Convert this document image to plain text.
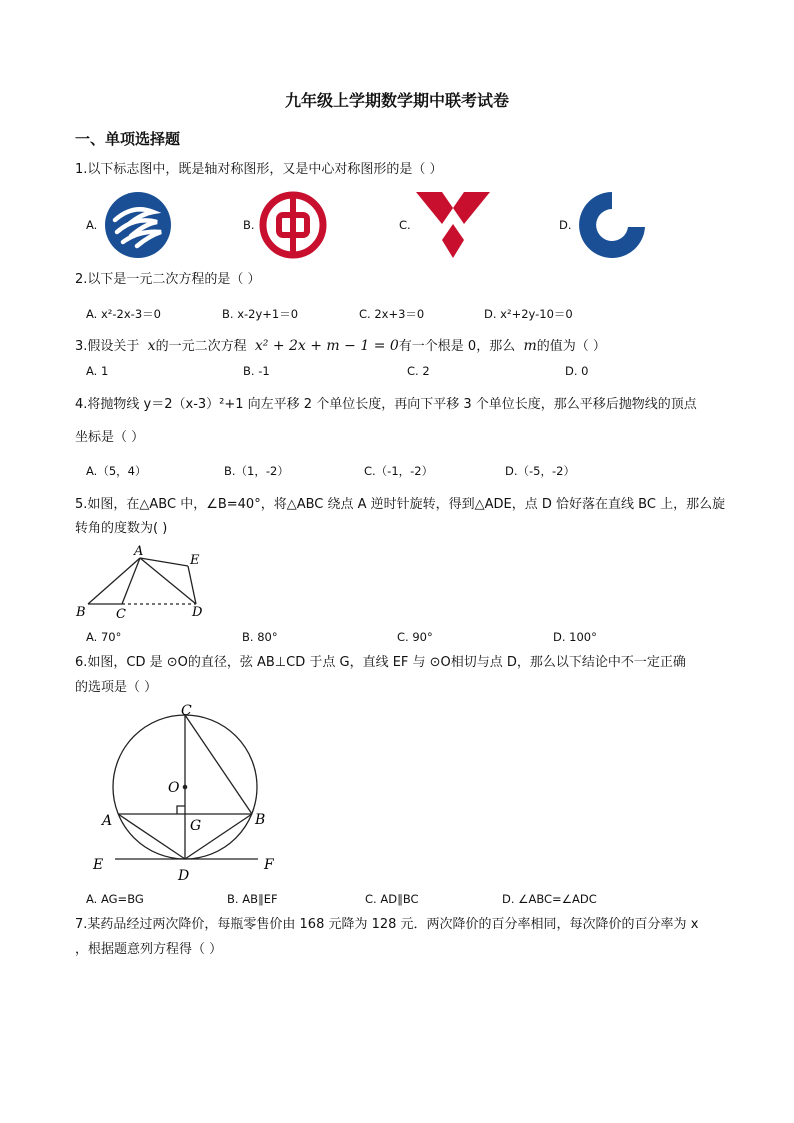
九年级上学期数学期中联考试卷
一、单项选择题
1.以下标志图中，既是轴对称图形，又是中心对称图形的是（ ）
A.	B.	C.	D.
2.以下是一元二次方程的是（ ）
A. x²-2x-3＝0	B. x-2y+1＝0	C. 2x+3＝0	D. x²+2y-10＝0
3.假设关于 x的一元二次方程 x² + 2x + m − 1 = 0有一个根是 0，那么 m的值为（ ）
A. 1	B. -1	C. 2	D. 0
4.将抛物线 y＝2（x-3）²+1 向左平移 2 个单位长度，再向下平移 3 个单位长度，那么平移后抛物线的顶点
坐标是（ ）
A.（5，4）	B.（1，-2）	C.（-1，-2）	D.（-5，-2）
5.如图，在△ABC 中，∠B=40°，将△ABC 绕点 A 逆时针旋转，得到△ADE，点 D 恰好落在直线 BC 上，那么旋
转角的度数为( )
A
E
B C	D
A. 70°	B. 80°	C. 90°	D. 100°
6.如图，CD 是 ⊙O的直径，弦 AB⊥CD 于点 G，直线 EF 与 ⊙O相切与点 D，那么以下结论中不一定正确
的选项是（ ）
C
O
A	G	B
E
D
F
A. AG=BG	B. AB∥EF	C. AD∥BC	D. ∠ABC=∠ADC
7.某药品经过两次降价，每瓶零售价由 168 元降为 128 元．两次降价的百分率相同，每次降价的百分率为 x
，根据题意列方程得（ ）
